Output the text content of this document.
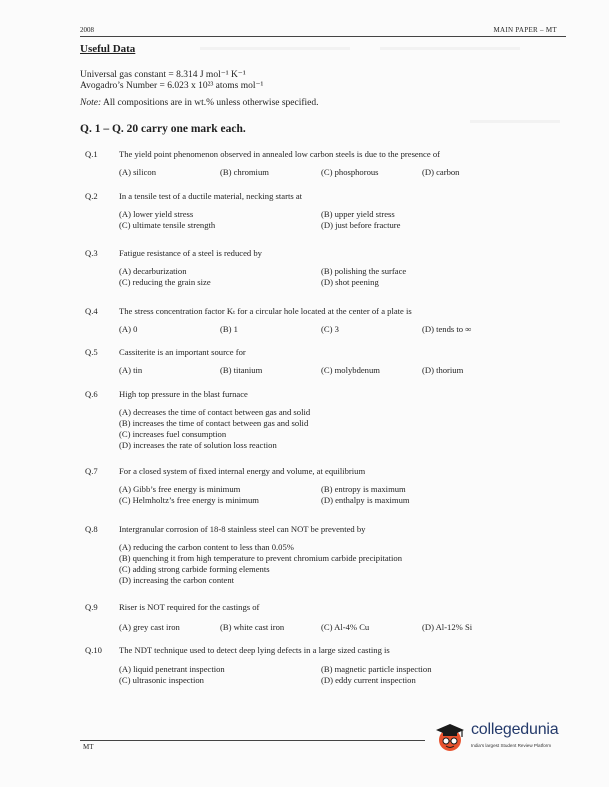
2008	MAIN PAPER – MT
Useful Data
Universal gas constant = 8.314 J mol⁻¹ K⁻¹
Avogadro’s Number = 6.023 x 10²³ atoms mol⁻¹
Note: All compositions are in wt.% unless otherwise specified.
Q. 1 – Q. 20 carry one mark each.
Q.1	The yield point phenomenon observed in annealed low carbon steels is due to the presence of
(A) silicon	(B) chromium	(C) phosphorous	(D) carbon
Q.2	In a tensile test of a ductile material, necking starts at
(A) lower yield stress	(B) upper yield stress
(C) ultimate tensile strength	(D) just before fracture
Q.3	Fatigue resistance of a steel is reduced by
(A) decarburization	(B) polishing the surface
(C) reducing the grain size	(D) shot peening
Q.4	The stress concentration factor Kₜ for a circular hole located at the center of a plate is
(A) 0	(B) 1	(C) 3	(D) tends to ∞
Q.5	Cassiterite is an important source for
(A) tin	(B) titanium	(C) molybdenum	(D) thorium
Q.6	High top pressure in the blast furnace
(A) decreases the time of contact between gas and solid
(B) increases the time of contact between gas and solid
(C) increases fuel consumption
(D) increases the rate of solution loss reaction
Q.7	For a closed system of fixed internal energy and volume, at equilibrium
(A) Gibb’s free energy is minimum	(B) entropy is maximum
(C) Helmholtz’s free energy is minimum	(D) enthalpy is maximum
Q.8	Intergranular corrosion of 18-8 stainless steel can NOT be prevented by
(A) reducing the carbon content to less than 0.05%
(B) quenching it from high temperature to prevent chromium carbide precipitation
(C) adding strong carbide forming elements
(D) increasing the carbon content
Q.9	Riser is NOT required for the castings of
(A) grey cast iron	(B) white cast iron	(C) Al-4% Cu	(D) Al-12% Si
Q.10	The NDT technique used to detect deep lying defects in a large sized casting is
(A) liquid penetrant inspection	(B) magnetic particle inspection
(C) ultrasonic inspection	(D) eddy current inspection
MT
collegedunia
India's largest Student Review Platform
